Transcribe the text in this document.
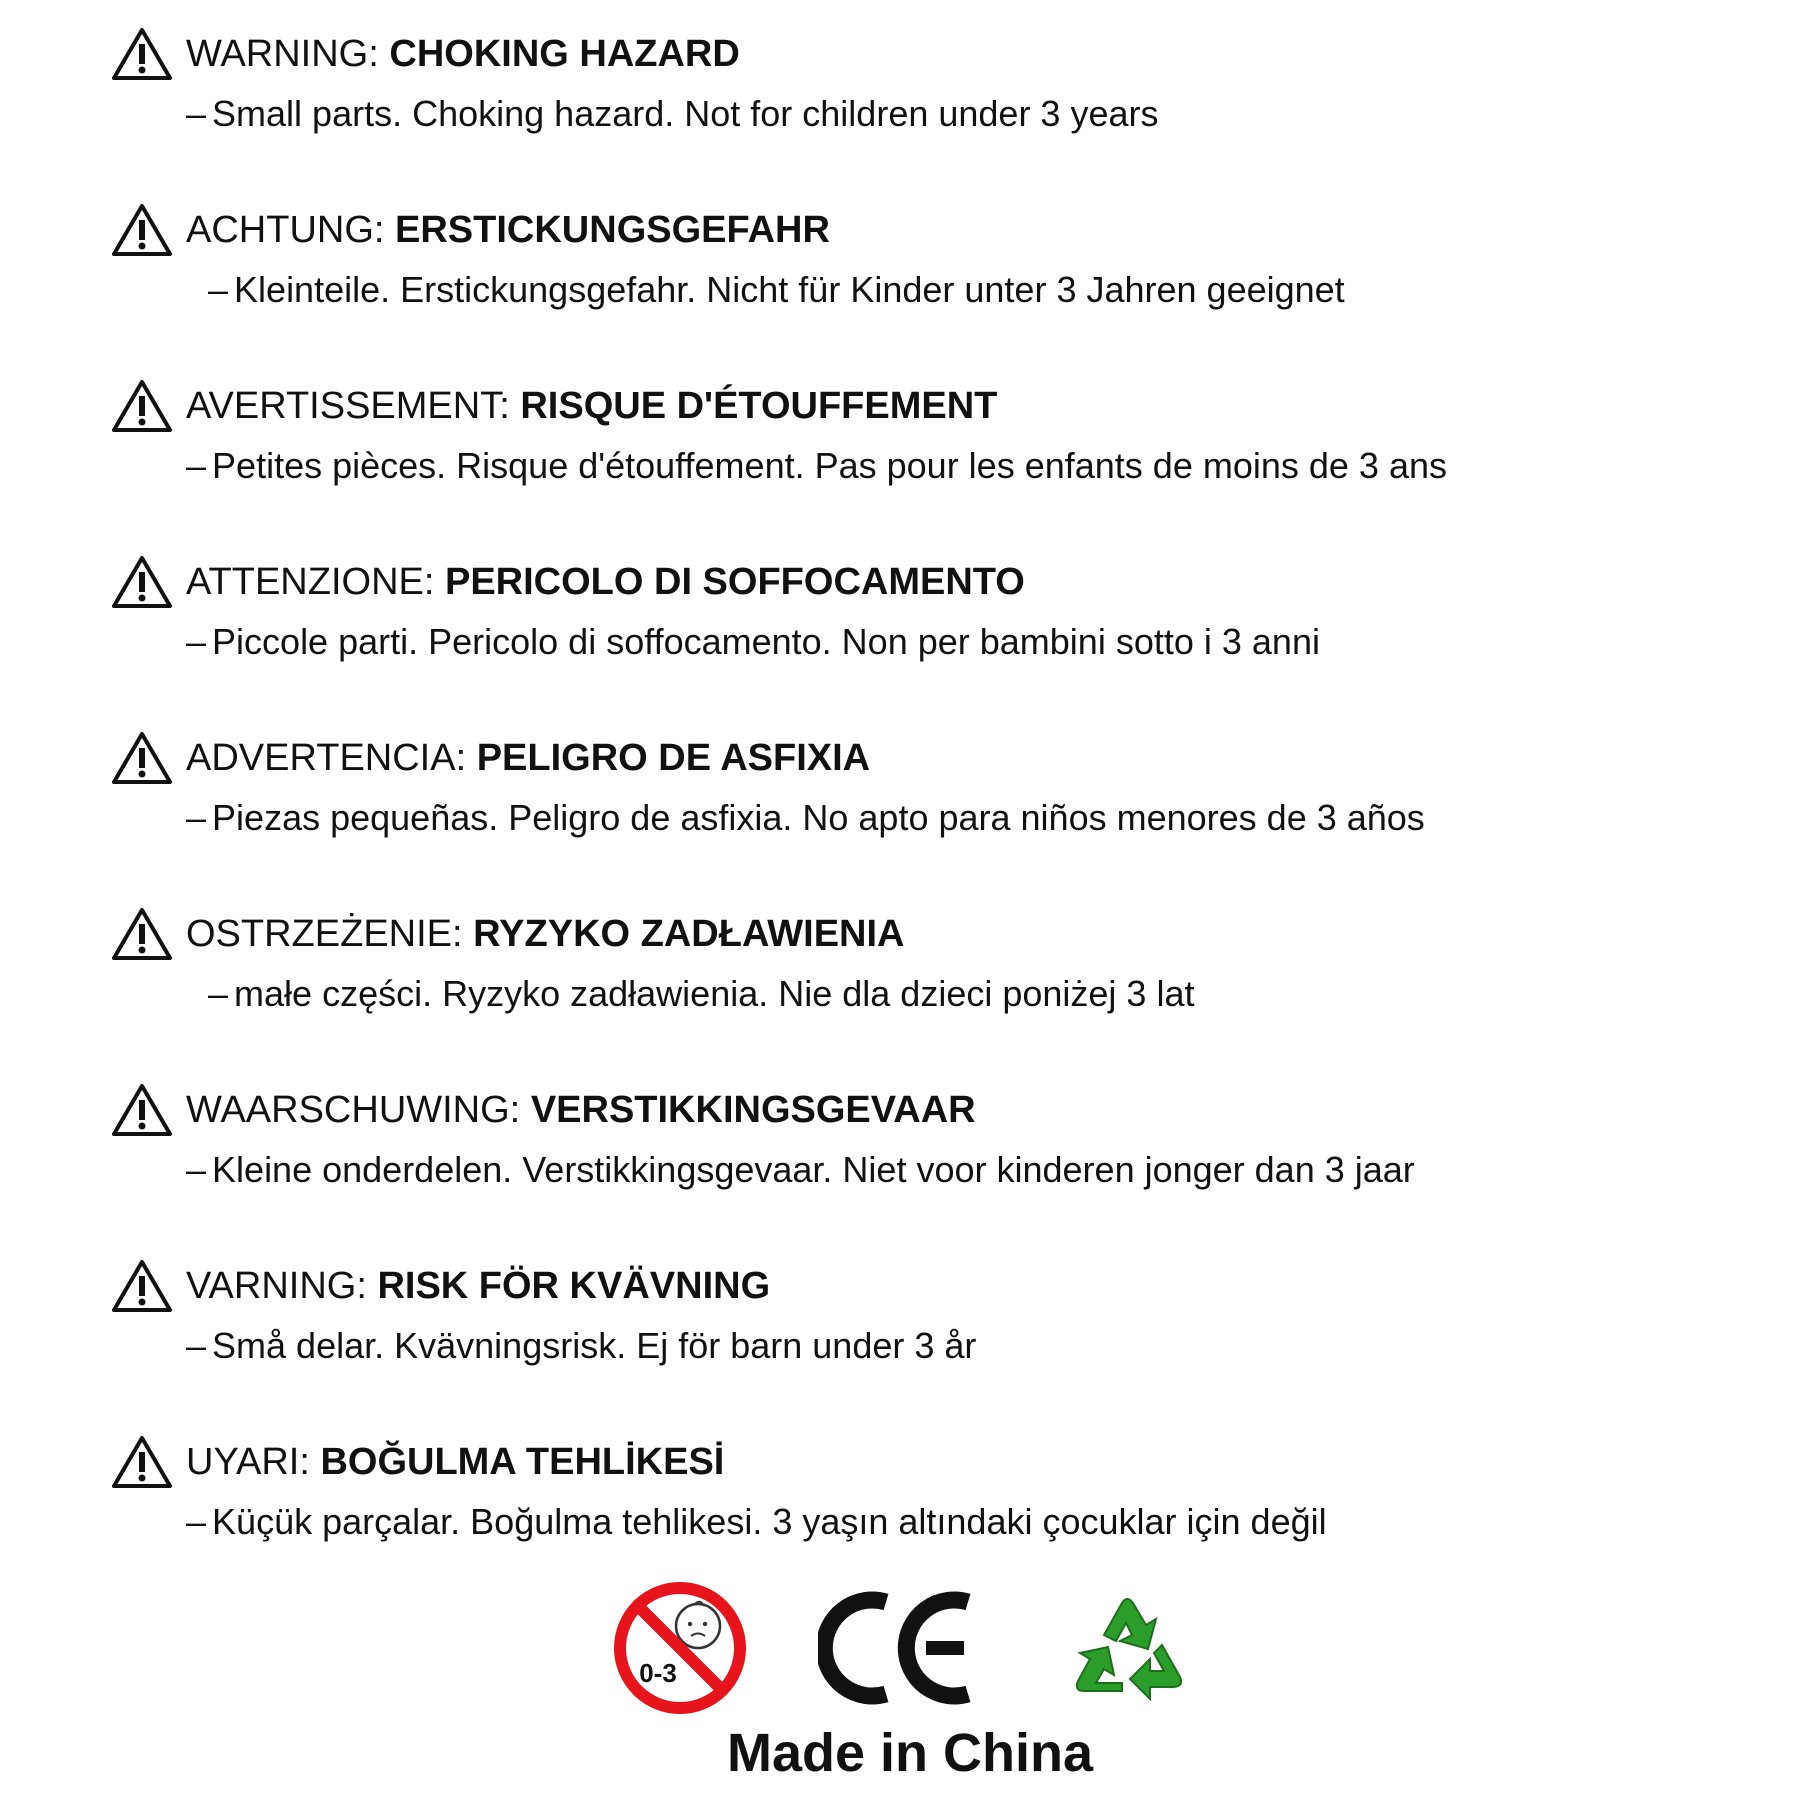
WARNING: CHOKING HAZARD
– Small parts. Choking hazard. Not for children under 3 years
ACHTUNG: ERSTICKUNGSGEFAHR
– Kleinteile. Erstickungsgefahr. Nicht für Kinder unter 3 Jahren geeignet
AVERTISSEMENT: RISQUE D'ÉTOUFFEMENT
– Petites pièces. Risque d'étouffement. Pas pour les enfants de moins de 3 ans
ATTENZIONE: PERICOLO DI SOFFOCAMENTO
– Piccole parti. Pericolo di soffocamento. Non per bambini sotto i 3 anni
ADVERTENCIA: PELIGRO DE ASFIXIA
– Piezas pequeñas. Peligro de asfixia. No apto para niños menores de 3 años
OSTRZEŻENIE: RYZYKO ZADŁAWIENIA
– małe części. Ryzyko zadławienia. Nie dla dzieci poniżej 3 lat
WAARSCHUWING: VERSTIKKINGSGEVAAR
– Kleine onderdelen. Verstikkingsgevaar. Niet voor kinderen jonger dan 3 jaar
VARNING: RISK FÖR KVÄVNING
– Små delar. Kvävningsrisk. Ej för barn under 3 år
UYARI: BOĞULMA TEHLİKESİ
– Küçük parçalar. Boğulma tehlikesi. 3 yaşın altındaki çocuklar için değil
0-3
Made in China
